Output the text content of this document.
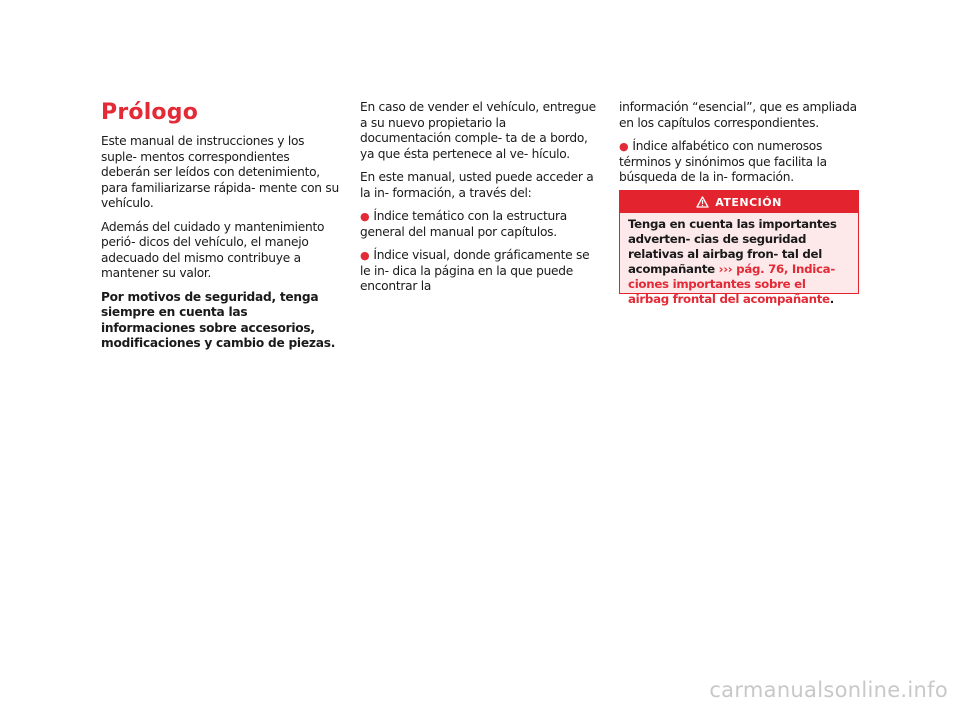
Prólogo

Este manual de instrucciones y los suple- mentos correspondientes deberán ser leídos con detenimiento, para familiarizarse rápida- mente con su vehículo.

Además del cuidado y mantenimiento perió- dicos del vehículo, el manejo adecuado del mismo contribuye a mantener su valor.

Por motivos de seguridad, tenga siempre en cuenta las informaciones sobre accesorios, modificaciones y cambio de piezas.

En caso de vender el vehículo, entregue a su nuevo propietario la documentación comple- ta de a bordo, ya que ésta pertenece al ve- hículo.

En este manual, usted puede acceder a la in- formación, a través del:

● Índice temático con la estructura general del manual por capítulos.

● Índice visual, donde gráficamente se le in- dica la página en la que puede encontrar la

información “esencial”, que es ampliada en los capítulos correspondientes.

● Índice alfabético con numerosos términos y sinónimos que facilita la búsqueda de la in- formación.

ATENCIÓN
Tenga en cuenta las importantes adverten- cias de seguridad relativas al airbag fron- tal del acompañante ››› pág. 76, Indica- ciones importantes sobre el airbag frontal del acompañante.
carmanualsonline.info
